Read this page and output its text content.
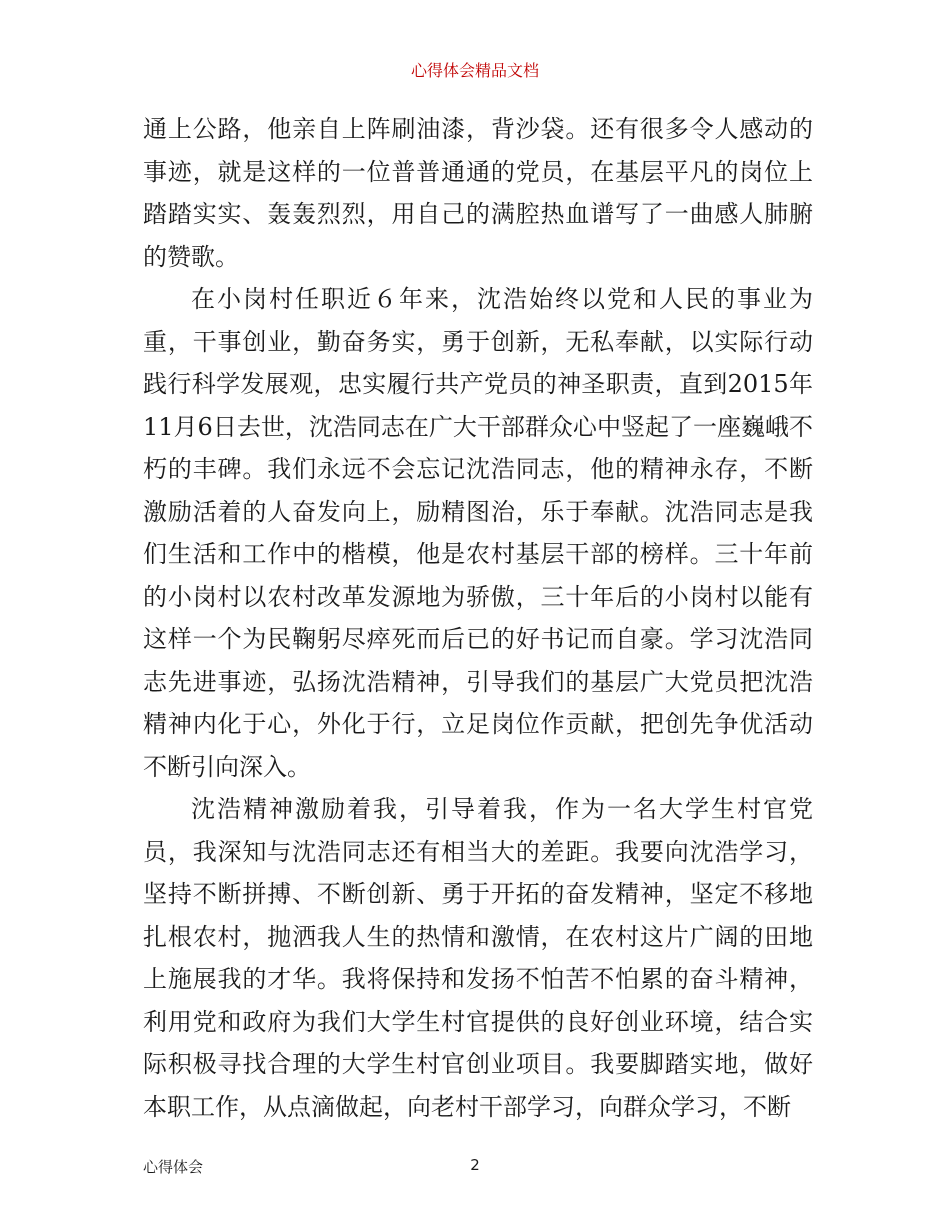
心得体会精品文档

通上公路，他亲自上阵刷油漆，背沙袋。还有很多令人感动的事迹，就是这样的一位普普通通的党员，在基层平凡的岗位上踏踏实实、轰轰烈烈，用自己的满腔热血谱写了一曲感人肺腑的赞歌。

在小岗村任职近６年来，沈浩始终以党和人民的事业为重，干事创业，勤奋务实，勇于创新，无私奉献，以实际行动践行科学发展观，忠实履行共产党员的神圣职责，直到2015年11月6日去世，沈浩同志在广大干部群众心中竖起了一座巍峨不朽的丰碑。我们永远不会忘记沈浩同志，他的精神永存，不断激励活着的人奋发向上，励精图治，乐于奉献。沈浩同志是我们生活和工作中的楷模，他是农村基层干部的榜样。三十年前的小岗村以农村改革发源地为骄傲，三十年后的小岗村以能有这样一个为民鞠躬尽瘁死而后已的好书记而自豪。学习沈浩同志先进事迹，弘扬沈浩精神，引导我们的基层广大党员把沈浩精神内化于心，外化于行，立足岗位作贡献，把创先争优活动不断引向深入。

沈浩精神激励着我，引导着我，作为一名大学生村官党员，我深知与沈浩同志还有相当大的差距。我要向沈浩学习，坚持不断拼搏、不断创新、勇于开拓的奋发精神，坚定不移地扎根农村，抛洒我人生的热情和激情，在农村这片广阔的田地上施展我的才华。我将保持和发扬不怕苦不怕累的奋斗精神，利用党和政府为我们大学生村官提供的良好创业环境，结合实际积极寻找合理的大学生村官创业项目。我要脚踏实地，做好本职工作，从点滴做起，向老村干部学习，向群众学习，不断

心得体会	2
